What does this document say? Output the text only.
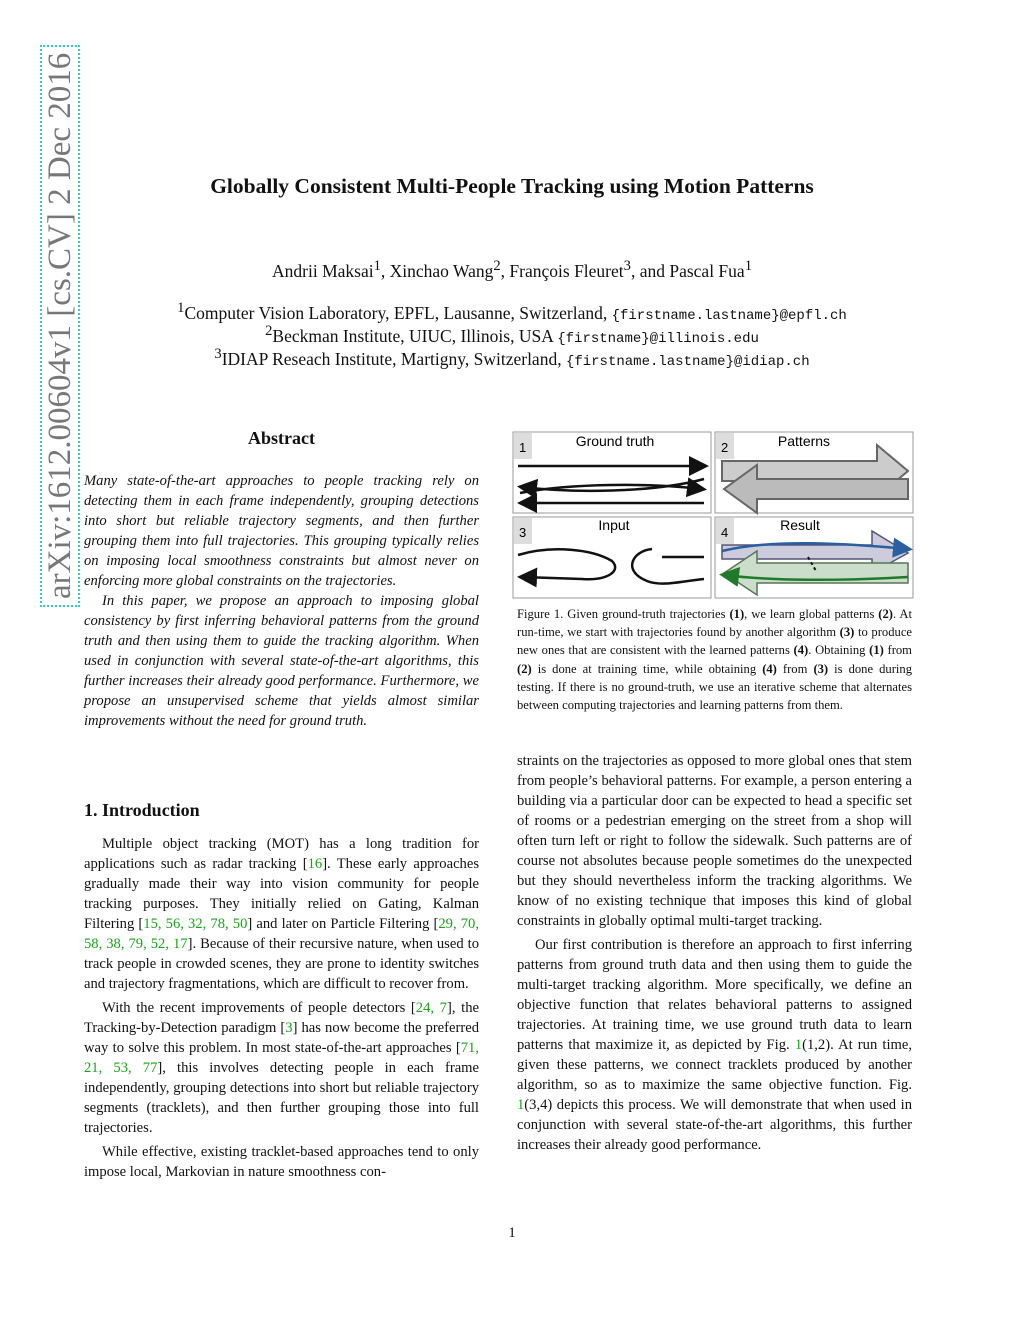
arXiv:1612.00604v1 [cs.CV] 2 Dec 2016	Globally Consistent Multi-People Tracking using Motion Patterns
Andrii Maksai$^1$, Xinchao Wang$^2$, François Fleuret$^3$, and Pascal Fua$^1$
$^1$Computer Vision Laboratory, EPFL, Lausanne, Switzerland, {firstname.lastname}@epfl.ch
$^2$Beckman Institute, UIUC, Illinois, USA {firstname}@illinois.edu
$^3$IDIAP Reseach Institute, Martigny, Switzerland, {firstname.lastname}@idiap.ch
Abstract

Many state-of-the-art approaches to people tracking rely on detecting them in each frame independently, grouping detections into short but reliable trajectory segments, and then further grouping them into full trajectories. This grouping typically relies on imposing local smoothness constraints but almost never on enforcing more global constraints on the trajectories.

In this paper, we propose an approach to imposing global consistency by first inferring behavioral patterns from the ground truth and then using them to guide the tracking algorithm. When used in conjunction with several state-of-the-art algorithms, this further increases their already good performance. Furthermore, we propose an unsupervised scheme that yields almost similar improvements without the need for ground truth.

1. Introduction

Multiple object tracking (MOT) has a long tradition for applications such as radar tracking [16]. These early approaches gradually made their way into vision community for people tracking purposes. They initially relied on Gating, Kalman Filtering [15, 56, 32, 78, 50] and later on Particle Filtering [29, 70, 58, 38, 79, 52, 17]. Because of their recursive nature, when used to track people in crowded scenes, they are prone to identity switches and trajectory fragmentations, which are difficult to recover from.

With the recent improvements of people detectors [24, 7], the Tracking-by-Detection paradigm [3] has now become the preferred way to solve this problem. In most state-of-the-art approaches [71, 21, 53, 77], this involves detecting people in each frame independently, grouping detections into short but reliable trajectory segments (tracklets), and then further grouping those into full trajectories.

While effective, existing tracklet-based approaches tend to only impose local, Markovian in nature smoothness con-

1	2
3	4
Ground truth	Patterns
Input	Result
Figure 1. Given ground-truth trajectories (1), we learn global patterns (2). At run-time, we start with trajectories found by another algorithm (3) to produce new ones that are consistent with the learned patterns (4). Obtaining (1) from (2) is done at training time, while obtaining (4) from (3) is done during testing. If there is no ground-truth, we use an iterative scheme that alternates between computing trajectories and learning patterns from them.

straints on the trajectories as opposed to more global ones that stem from people’s behavioral patterns. For example, a person entering a building via a particular door can be expected to head a specific set of rooms or a pedestrian emerging on the street from a shop will often turn left or right to follow the sidewalk. Such patterns are of course not absolutes because people sometimes do the unexpected but they should nevertheless inform the tracking algorithms. We know of no existing technique that imposes this kind of global constraints in globally optimal multi-target tracking.

Our first contribution is therefore an approach to first inferring patterns from ground truth data and then using them to guide the multi-target tracking algorithm. More specifically, we define an objective function that relates behavioral patterns to assigned trajectories. At training time, we use ground truth data to learn patterns that maximize it, as depicted by Fig. 1(1,2). At run time, given these patterns, we connect tracklets produced by another algorithm, so as to maximize the same objective function. Fig. 1(3,4) depicts this process. We will demonstrate that when used in conjunction with several state-of-the-art algorithms, this further increases their already good performance.

1
